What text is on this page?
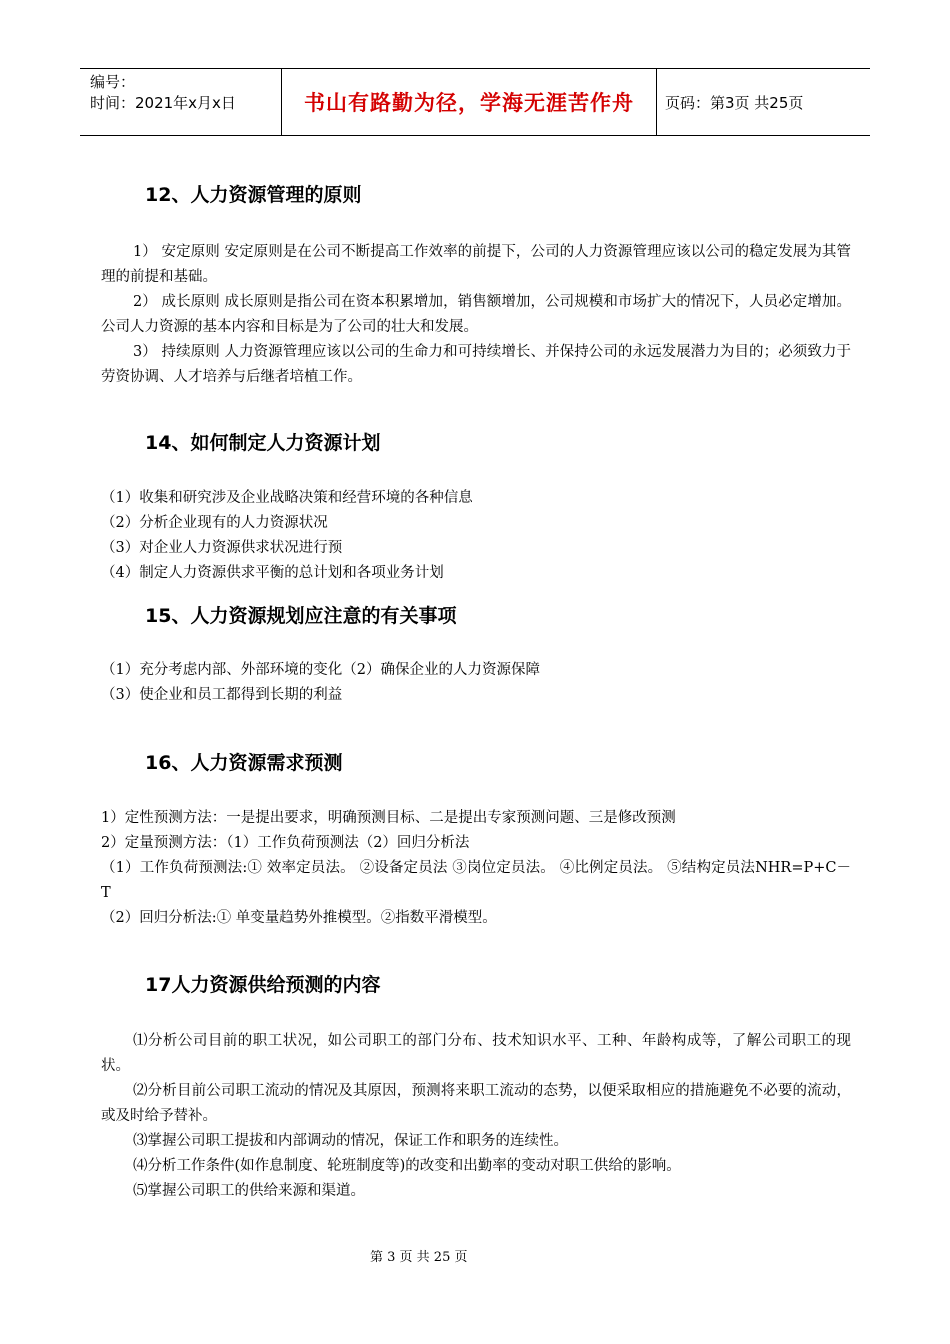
编号：
时间：2021年x月x日	书山有路勤为径，学海无涯苦作舟 页码：第3页 共25页
12、人力资源管理的原则

1） 安定原则 安定原则是在公司不断提高工作效率的前提下，公司的人力资源管理应该以公司的稳定发展为其管理的前提和基础。

2） 成长原则 成长原则是指公司在资本积累增加，销售额增加，公司规模和市场扩大的情况下，人员必定增加。公司人力资源的基本内容和目标是为了公司的壮大和发展。

3） 持续原则 人力资源管理应该以公司的生命力和可持续增长、并保持公司的永远发展潜力为目的；必须致力于劳资协调、人才培养与后继者培植工作。

14、如何制定人力资源计划

（1）收集和研究涉及企业战略决策和经营环境的各种信息

（2）分析企业现有的人力资源状况

（3）对企业人力资源供求状况进行预

（4）制定人力资源供求平衡的总计划和各项业务计划

15、人力资源规划应注意的有关事项

（1）充分考虑内部、外部环境的变化（2）确保企业的人力资源保障

（3）使企业和员工都得到长期的利益

16、人力资源需求预测

1）定性预测方法：一是提出要求，明确预测目标、二是提出专家预测问题、三是修改预测

2）定量预测方法：（1）工作负荷预测法（2）回归分析法

（1）工作负荷预测法:① 效率定员法。 ②设备定员法 ③岗位定员法。 ④比例定员法。 ⑤结构定员法NHR=P+C－T

（2）回归分析法:① 单变量趋势外推模型。②指数平滑模型。

17人力资源供给预测的内容

⑴分析公司目前的职工状况，如公司职工的部门分布、技术知识水平、工种、年龄构成等，了解公司职工的现状。

⑵分析目前公司职工流动的情况及其原因，预测将来职工流动的态势，以便采取相应的措施避免不必要的流动，或及时给予替补。

⑶掌握公司职工提拔和内部调动的情况，保证工作和职务的连续性。

⑷分析工作条件(如作息制度、轮班制度等)的改变和出勤率的变动对职工供给的影响。

⑸掌握公司职工的供给来源和渠道。

第 3 页 共 25 页
